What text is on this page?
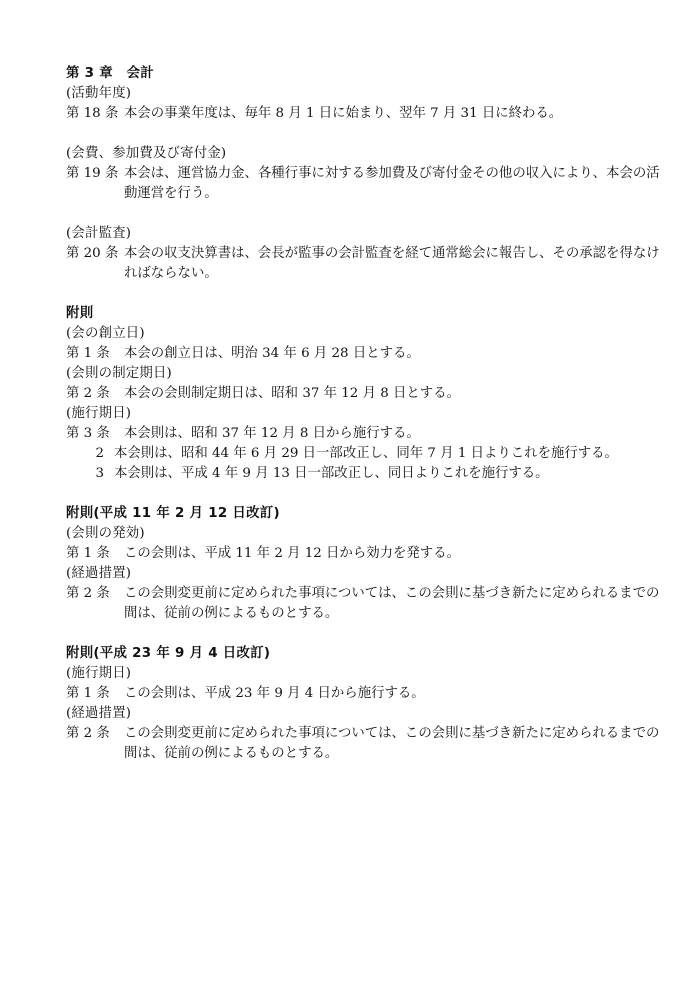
第 3 章　会計
(活動年度)
第 18 条 本会の事業年度は、毎年 8 月 1 日に始まり、翌年 7 月 31 日に終わる。
(会費、参加費及び寄付金)
第 19 条 本会は、運営協力金、各種行事に対する参加費及び寄付金その他の収入により、本会の活動運営を行う。
(会計監査)
第 20 条 本会の収支決算書は、会長が監事の会計監査を経て通常総会に報告し、その承認を得なければならない。
附則
(会の創立日)
第 1 条	本会の創立日は、明治 34 年 6 月 28 日とする。
(会則の制定期日)
第 2 条	本会の会則制定期日は、昭和 37 年 12 月 8 日とする。
(施行期日)
第 3 条	本会則は、昭和 37 年 12 月 8 日から施行する。
2 本会則は、昭和 44 年 6 月 29 日一部改正し、同年 7 月 1 日よりこれを施行する。
3 本会則は、平成 4 年 9 月 13 日一部改正し、同日よりこれを施行する。
附則(平成 11 年 2 月 12 日改訂)
(会則の発効)
第 1 条	この会則は、平成 11 年 2 月 12 日から効力を発する。
(経過措置)
第 2 条	この会則変更前に定められた事項については、この会則に基づき新たに定められるまでの間は、従前の例によるものとする。
附則(平成 23 年 9 月 4 日改訂)
(施行期日)
第 1 条	この会則は、平成 23 年 9 月 4 日から施行する。
(経過措置)
第 2 条	この会則変更前に定められた事項については、この会則に基づき新たに定められるまでの間は、従前の例によるものとする。
